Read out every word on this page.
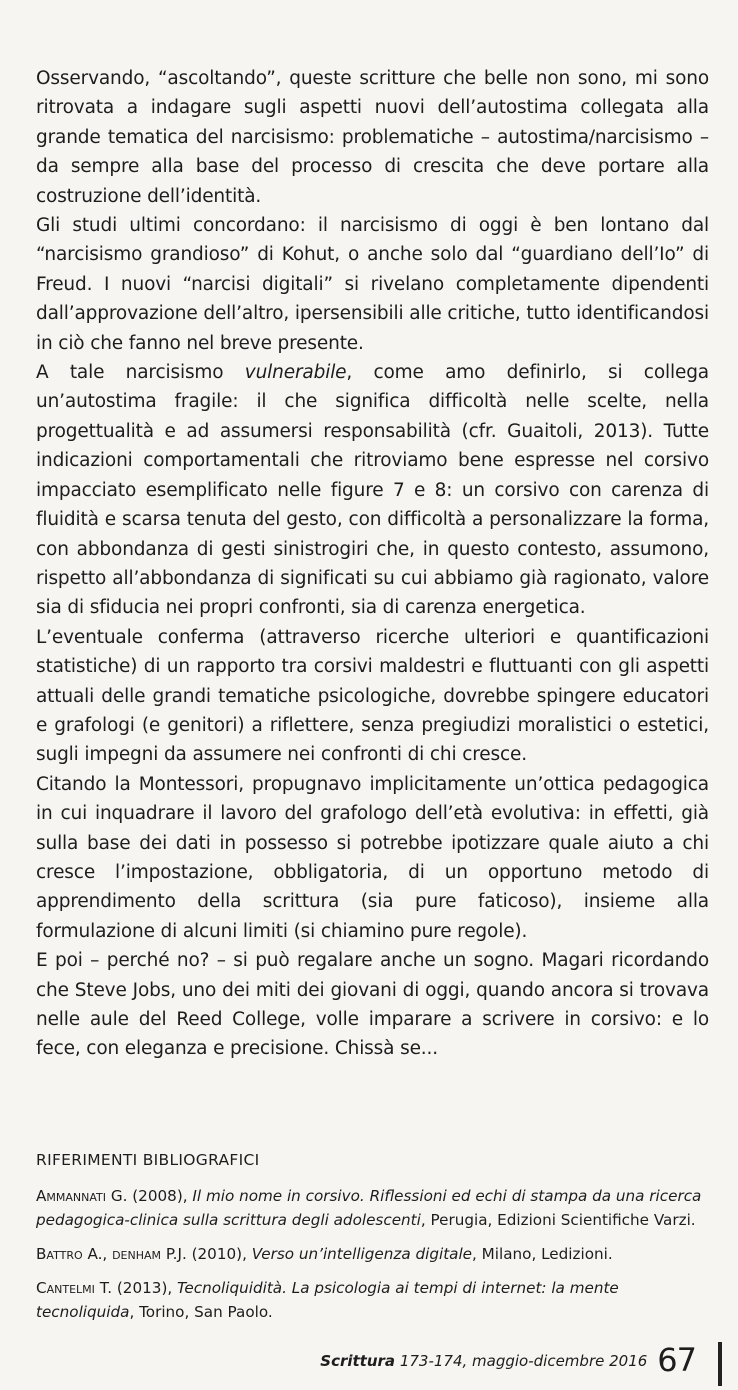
Osservando, “ascoltando”, queste scritture che belle non sono, mi sono ritrovata a indagare sugli aspetti nuovi dell’autostima collegata alla grande tematica del narcisismo: problematiche – autostima/narcisismo – da sempre alla base del processo di crescita che deve portare alla costruzione dell’identità.

Gli studi ultimi concordano: il narcisismo di oggi è ben lontano dal “narcisismo grandioso” di Kohut, o anche solo dal “guardiano dell’Io” di Freud. I nuovi “narcisi digitali” si rivelano completamente dipendenti dall’approvazione dell’altro, ipersensibili alle critiche, tutto identificandosi in ciò che fanno nel breve presente.

A tale narcisismo vulnerabile, come amo definirlo, si collega un’autostima fragile: il che significa difficoltà nelle scelte, nella progettualità e ad assumersi responsabilità (cfr. Guaitoli, 2013). Tutte indicazioni comportamentali che ritroviamo bene espresse nel corsivo impacciato esemplificato nelle figure 7 e 8: un corsivo con carenza di fluidità e scarsa tenuta del gesto, con difficoltà a personalizzare la forma, con abbondanza di gesti sinistrogiri che, in questo contesto, assumono, rispetto all’abbondanza di significati su cui abbiamo già ragionato, valore sia di sfiducia nei propri confronti, sia di carenza energetica.

L’eventuale conferma (attraverso ricerche ulteriori e quantificazioni statistiche) di un rapporto tra corsivi maldestri e fluttuanti con gli aspetti attuali delle grandi tematiche psicologiche, dovrebbe spingere educatori e grafologi (e genitori) a riflettere, senza pregiudizi moralistici o estetici, sugli impegni da assumere nei confronti di chi cresce.

Citando la Montessori, propugnavo implicitamente un’ottica pedagogica in cui inquadrare il lavoro del grafologo dell’età evolutiva: in effetti, già sulla base dei dati in possesso si potrebbe ipotizzare quale aiuto a chi cresce l’impostazione, obbligatoria, di un opportuno metodo di apprendimento della scrittura (sia pure faticoso), insieme alla formulazione di alcuni limiti (si chiamino pure regole).

E poi – perché no? – si può regalare anche un sogno. Magari ricordando che Steve Jobs, uno dei miti dei giovani di oggi, quando ancora si trovava nelle aule del Reed College, volle imparare a scrivere in corsivo: e lo fece, con eleganza e precisione. Chissà se...

RIFERIMENTI BIBLIOGRAFICI

Ammannati G. (2008), Il mio nome in corsivo. Riflessioni ed echi di stampa da una ricerca pedagogica-clinica sulla scrittura degli adolescenti, Perugia, Edizioni Scientifiche Varzi.

Battro A., denham P.J. (2010), Verso un’intelligenza digitale, Milano, Ledizioni.

Cantelmi T. (2013), Tecnoliquidità. La psicologia ai tempi di internet: la mente tecnoliquida, Torino, San Paolo.

Scrittura 173-174, maggio-dicembre 2016 67
